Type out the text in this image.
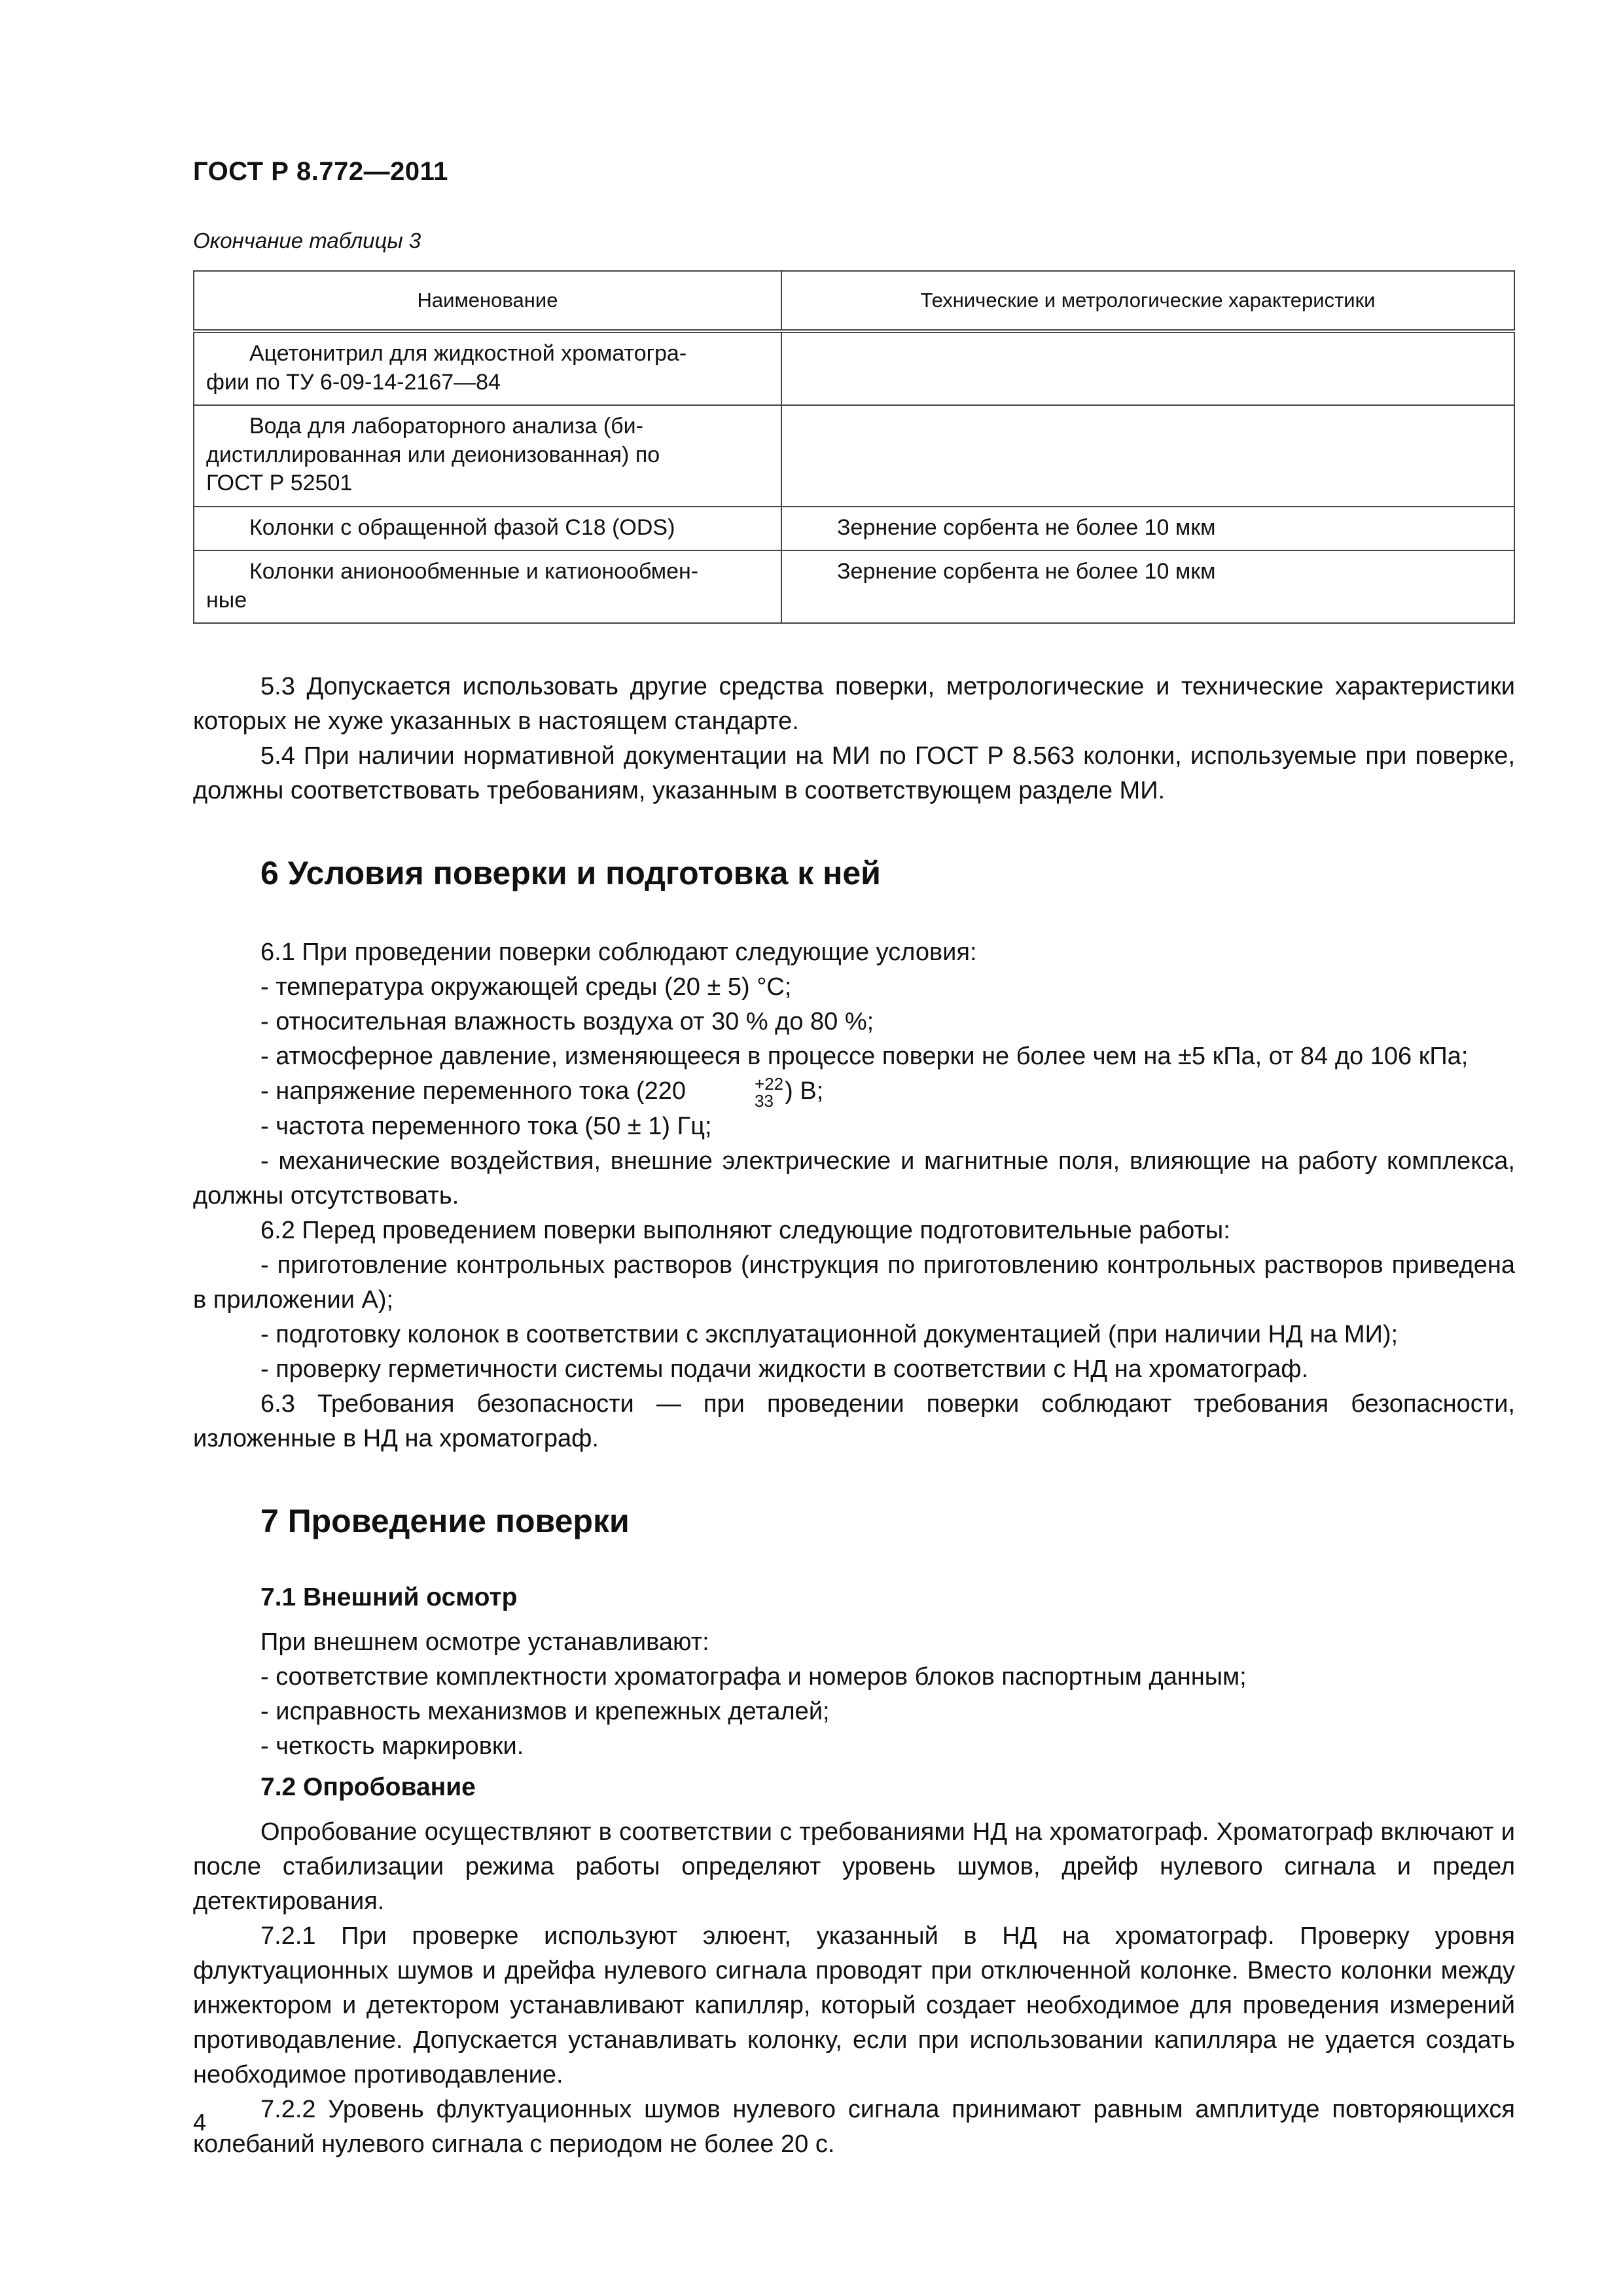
ГОСТ Р 8.772—2011
Окончание таблицы 3
Наименование	Технические и метрологические характеристики

Ацетонитрил для жидкостной хроматогра-
фии по ТУ 6-09-14-2167—84	

Вода для лабораторного анализа (би-
дистиллированная или деионизованная) по
ГОСТ Р 52501	

Колонки с обращенной фазой С18 (ODS)	Зернение сорбента не более 10 мкм

Колонки анионообменные и катионообмен-
ные	Зернение сорбента не более 10 мкм

5.3 Допускается использовать другие средства поверки, метрологические и технические характеристики которых не хуже указанных в настоящем стандарте.

5.4 При наличии нормативной документации на МИ по ГОСТ Р 8.563 колонки, используемые при поверке, должны соответствовать требованиям, указанным в соответствующем разделе МИ.

6 Условия поверки и подготовка к ней

6.1 При проведении поверки соблюдают следующие условия:

- температура окружающей среды (20 ± 5) °C;

- относительная влажность воздуха от 30 % до 80 %;

- атмосферное давление, изменяющееся в процессе поверки не более чем на ±5 кПа, от 84 до 106 кПа;

- напряжение переменного тока (220	+22
33 ) В;

- частота переменного тока (50 ± 1) Гц;

- механические воздействия, внешние электрические и магнитные поля, влияющие на работу комплекса, должны отсутствовать.

6.2 Перед проведением поверки выполняют следующие подготовительные работы:

- приготовление контрольных растворов (инструкция по приготовлению контрольных растворов приведена в приложении А);

- подготовку колонок в соответствии с эксплуатационной документацией (при наличии НД на МИ);

- проверку герметичности системы подачи жидкости в соответствии с НД на хроматограф.

6.3 Требования безопасности — при проведении поверки соблюдают требования безопасности, изложенные в НД на хроматограф.

7 Проведение поверки
7.1 Внешний осмотр

При внешнем осмотре устанавливают:

- соответствие комплектности хроматографа и номеров блоков паспортным данным;

- исправность механизмов и крепежных деталей;

- четкость маркировки.

7.2 Опробование

Опробование осуществляют в соответствии с требованиями НД на хроматограф. Хроматограф включают и после стабилизации режима работы определяют уровень шумов, дрейф нулевого сигнала и предел детектирования.

7.2.1 При проверке используют элюент, указанный в НД на хроматограф. Проверку уровня флуктуационных шумов и дрейфа нулевого сигнала проводят при отключенной колонке. Вместо колонки между инжектором и детектором устанавливают капилляр, который создает необходимое для проведения измерений противодавление. Допускается устанавливать колонку, если при использовании капилляра не удается создать необходимое противодавление.

7.2.2 Уровень флуктуационных шумов нулевого сигнала принимают равным амплитуде повторяющихся колебаний нулевого сигнала с периодом не более 20 с.

4
